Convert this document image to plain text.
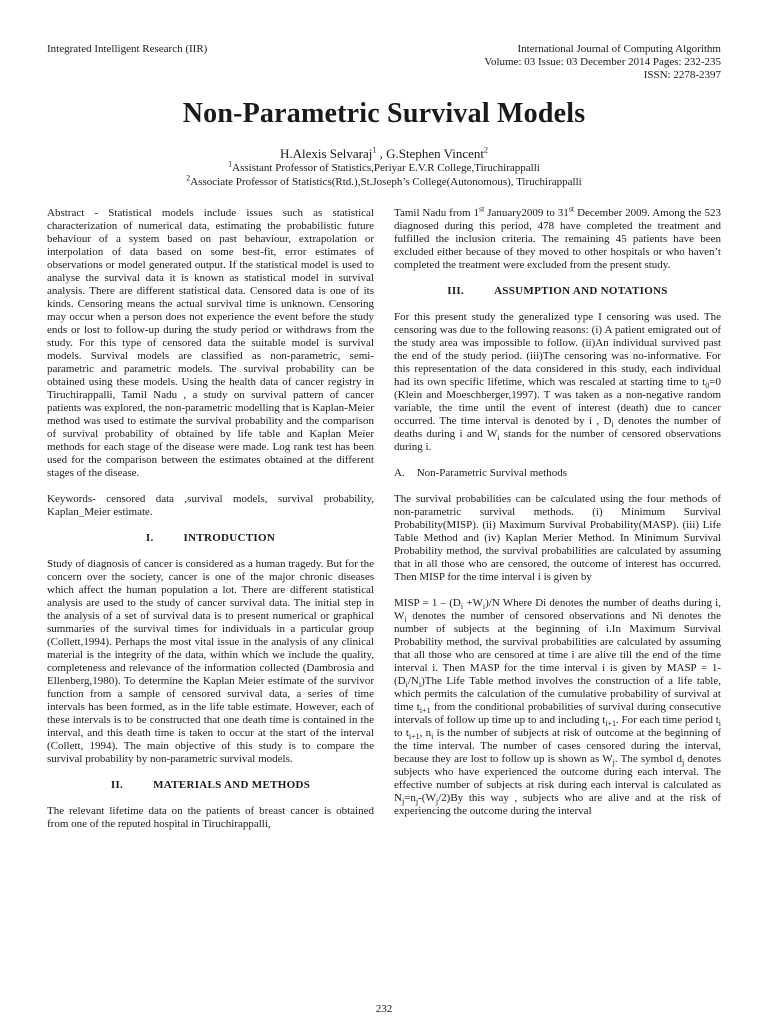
Integrated Intelligent Research (IIR)	International Journal of Computing Algorithm
Volume: 03 Issue: 03 December 2014 Pages: 232-235
ISSN: 2278-2397
Non-Parametric Survival Models
H.Alexis Selvaraj$^1$ , G.Stephen Vincent$^2$
$^1$Assistant Professor of Statistics,Periyar E.V.R College,Tiruchirappalli
$^2$Associate Professor of Statistics(Rtd.),St.Joseph’s College(Autonomous), Tiruchirappalli

Abstract - Statistical models include issues such as statistical characterization of numerical data, estimating the probabilistic future behaviour of a system based on past behaviour, extrapolation or interpolation of data based on some best-fit, error estimates of observations or model generated output. If the statistical model is used to analyse the survival data it is known as statistical model in survival analysis. There are different statistical data. Censored data is one of its kinds. Censoring means the actual survival time is unknown. Censoring may occur when a person does not experience the event before the study ends or lost to follow-up during the study period or withdraws from the study. For this type of censored data the suitable model is survival models. Survival models are classified as non-parametric, semi-parametric and parametric models. The survival probability can be obtained using these models. Using the health data of cancer registry in Tiruchirappalli, Tamil Nadu , a study on survival pattern of cancer patients was explored, the non-parametric modelling that is Kaplan-Meier method was used to estimate the survival probability and the comparison of survival probability of obtained by life table and Kaplan Meier methods for each stage of the disease were made. Log rank test has been used for the comparison between the estimates obtained at the different stages of the disease.

Keywords- censored data ,survival models, survival probability, Kaplan_Meier estimate.

I.	INTRODUCTION

Study of diagnosis of cancer is considered as a human tragedy. But for the concern over the society, cancer is one of the major chronic diseases which affect the human population a lot. There are different statistical analysis are used to the study of cancer survival data. The initial step in the analysis of a set of survival data is to present numerical or graphical summaries of the survival times for individuals in a particular group (Collett,1994). Perhaps the most vital issue in the analysis of any clinical material is the integrity of the data, within which we include the quality, completeness and relevance of the information collected (Dambrosia and Ellenberg,1980). To determine the Kaplan Meier estimate of the survivor function from a sample of censored survival data, a series of time intervals has been formed, as in the life table estimate. However, each of these intervals is to be constructed that one death time is contained in the interval, and this death time is taken to occur at the start of the interval (Collett, 1994). The main objective of this study is to compare the survival probability by non-parametric survival models.

II.	MATERIALS AND METHODS

The relevant lifetime data on the patients of breast cancer is obtained from one of the reputed hospital in Tiruchirappalli,

Tamil Nadu from 1st January2009 to 31st December 2009. Among the 523 diagnosed during this period, 478 have completed the treatment and fulfilled the inclusion criteria. The remaining 45 patients have been excluded either because of they moved to other hospitals or who haven’t completed the treatment were excluded from the present study.

III.	ASSUMPTION AND NOTATIONS

For this present study the generalized type I censoring was used. The censoring was due to the following reasons: (i) A patient emigrated out of the study area was impossible to follow. (ii)An individual survived past the end of the study period. (iii)The censoring was no-informative. For this representation of the data considered in this study, each individual had its own specific lifetime, which was rescaled at starting time to $t_0=0$ (Klein and Moeschberger,1997). T was taken as a non-negative random variable, the time until the event of interest (death) due to cancer occurred. The time interval is denoted by i , $D_i$ denotes the number of deaths during i and $W_i$ stands for the number of censored observations during i.

A. Non-Parametric Survival methods

The survival probabilities can be calculated using the four methods of non-parametric survival methods. (i) Minimum Survival Probability(MISP). (ii) Maximum Survival Probability(MASP). (iii) Life Table Method and (iv) Kaplan Merier Method. In Minimum Survival Probability method, the survival probabilities are calculated by assuming that in all those who are censored, the outcome of interest has occurred. Then MISP for the time interval i is given by

MISP = $1 - (D_i +W_i)/N$ Where Di denotes the number of deaths during i, $W_i$ denotes the number of censored observations and Ni denotes the number of subjects at the beginning of i.In Maximum Survival Probability method, the survival probabilities are calculated by assuming that all those who are censored at time i are alive till the end of the time interval i. Then MASP for the time interval i is given by MASP = $1-(D_i/N_i)The$ Life Table method involves the construction of a life table, which permits the calculation of the cumulative probability of survival at time $t_{i+1}$ from the conditional probabilities of survival during consecutive intervals of follow up time up to and including $t_{i+1}$. For each time period $t_i$ to $t_{i+1}$, $n_i$ is the number of subjects at risk of outcome at the beginning of the time interval. The number of cases censored during the interval, because they are lost to follow up is shown as $W_j$. The symbol $d_j$ denotes subjects who have experienced the outcome during each interval. The effective number of subjects at risk during each interval is calculated as $N_j=n_j-(W_j/2)By$ this way , subjects who are alive and at the risk of experiencing the outcome during the interval

232
